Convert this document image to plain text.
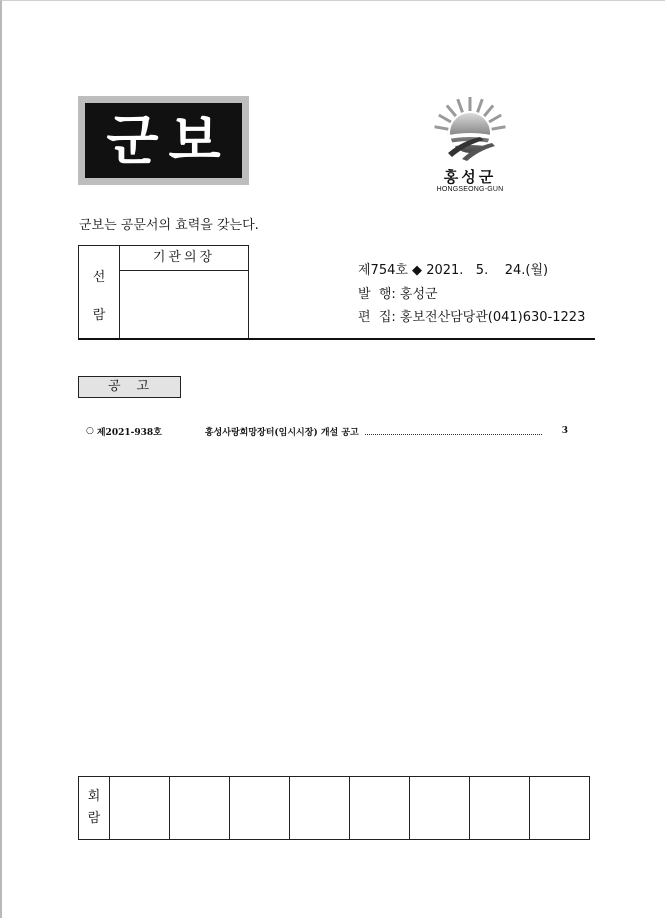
군보
홍성군
HONGSEONG-GUN
군보는 공문서의 효력을 갖는다.
선
람
기관의장
제754호 ◆ 2021.   5.    24.(월)
발  행: 홍성군
편  집: 홍보전산담당관(041)630-1223
공고
○ 제2021-938호	홍성사랑희망장터(임시시장) 개설 공고	3
회
람
